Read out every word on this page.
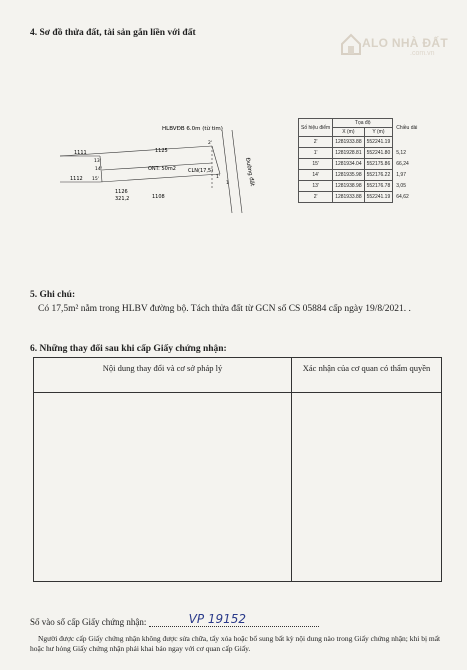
4. Sơ đồ thửa đất, tài sản gắn liền với đất
ALO NHÀ ĐẤT
.com.vn
HLBVĐB 6.0m (từ tim)
Đường đất
1111
1112
1125
ONT: 50m2 CLN(17,5)
1126
321,2	1108
13'
14'
15'
2'
1'
1
Số hiệu điểm	Tọa độ		Chiều dài
	X (m)	Y (m)	
2'	1281933.88	552241.19	
1'	1281928.81	552241.80	5,12
15'	1281934.04	552175.86	66,24
14'	1281935.98	552176.22	1,97
13'	1281938.98	552176.78	3,05
2'	1281933.88	552241.19	64,62
5. Ghi chú:
Có 17,5m² nằm trong HLBV đường bộ. Tách thửa đất từ GCN số CS 05884 cấp ngày 19/8/2021. .
6. Những thay đổi sau khi cấp Giấy chứng nhận:
Nội dung thay đổi và cơ sở pháp lý	Xác nhận của cơ quan có thẩm quyền

Số vào sổ cấp Giấy chứng nhận:	VP 19152
Người được cấp Giấy chứng nhận không được sửa chữa, tẩy xóa hoặc bổ sung bất kỳ nội dung nào trong Giấy chứng nhận; khi bị mất hoặc hư hỏng Giấy chứng nhận phải khai báo ngay với cơ quan cấp Giấy.
